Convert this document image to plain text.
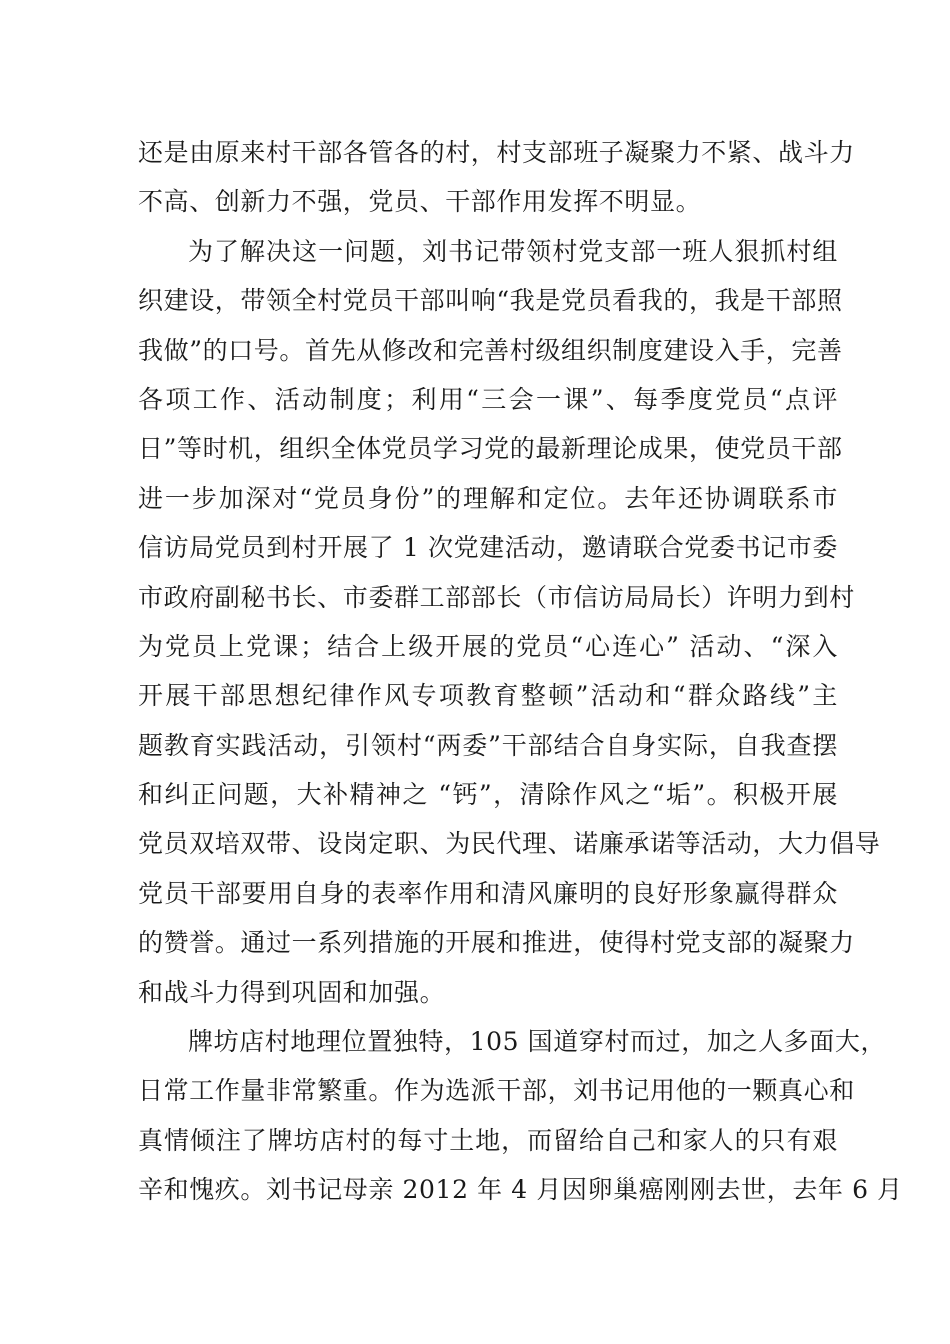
还是由原来村干部各管各的村，村支部班子凝聚力不紧、战斗力
不高、创新力不强，党员、干部作用发挥不明显。
为了解决这一问题，刘书记带领村党支部一班人狠抓村组
织建设，带领全村党员干部叫响“我是党员看我的，我是干部照
我做”的口号。首先从修改和完善村级组织制度建设入手，完善
各项工作、活动制度；利用“三会一课”、每季度党员“点评
日”等时机，组织全体党员学习党的最新理论成果，使党员干部
进一步加深对“党员身份”的理解和定位。去年还协调联系市
信访局党员到村开展了 1 次党建活动，邀请联合党委书记市委
市政府副秘书长、市委群工部部长（市信访局局长）许明力到村
为党员上党课；结合上级开展的党员“心连心” 活动、“深入
开展干部思想纪律作风专项教育整顿”活动和“群众路线”主
题教育实践活动，引领村“两委”干部结合自身实际，自我查摆
和纠正问题，大补精神之 “钙”，清除作风之“垢”。积极开展
党员双培双带、设岗定职、为民代理、诺廉承诺等活动，大力倡导
党员干部要用自身的表率作用和清风廉明的良好形象赢得群众
的赞誉。通过一系列措施的开展和推进，使得村党支部的凝聚力
和战斗力得到巩固和加强。
牌坊店村地理位置独特，105 国道穿村而过，加之人多面大，
日常工作量非常繁重。作为选派干部，刘书记用他的一颗真心和
真情倾注了牌坊店村的每寸土地，而留给自己和家人的只有艰
辛和愧疚。刘书记母亲 2012 年 4 月因卵巢癌刚刚去世，去年 6 月
